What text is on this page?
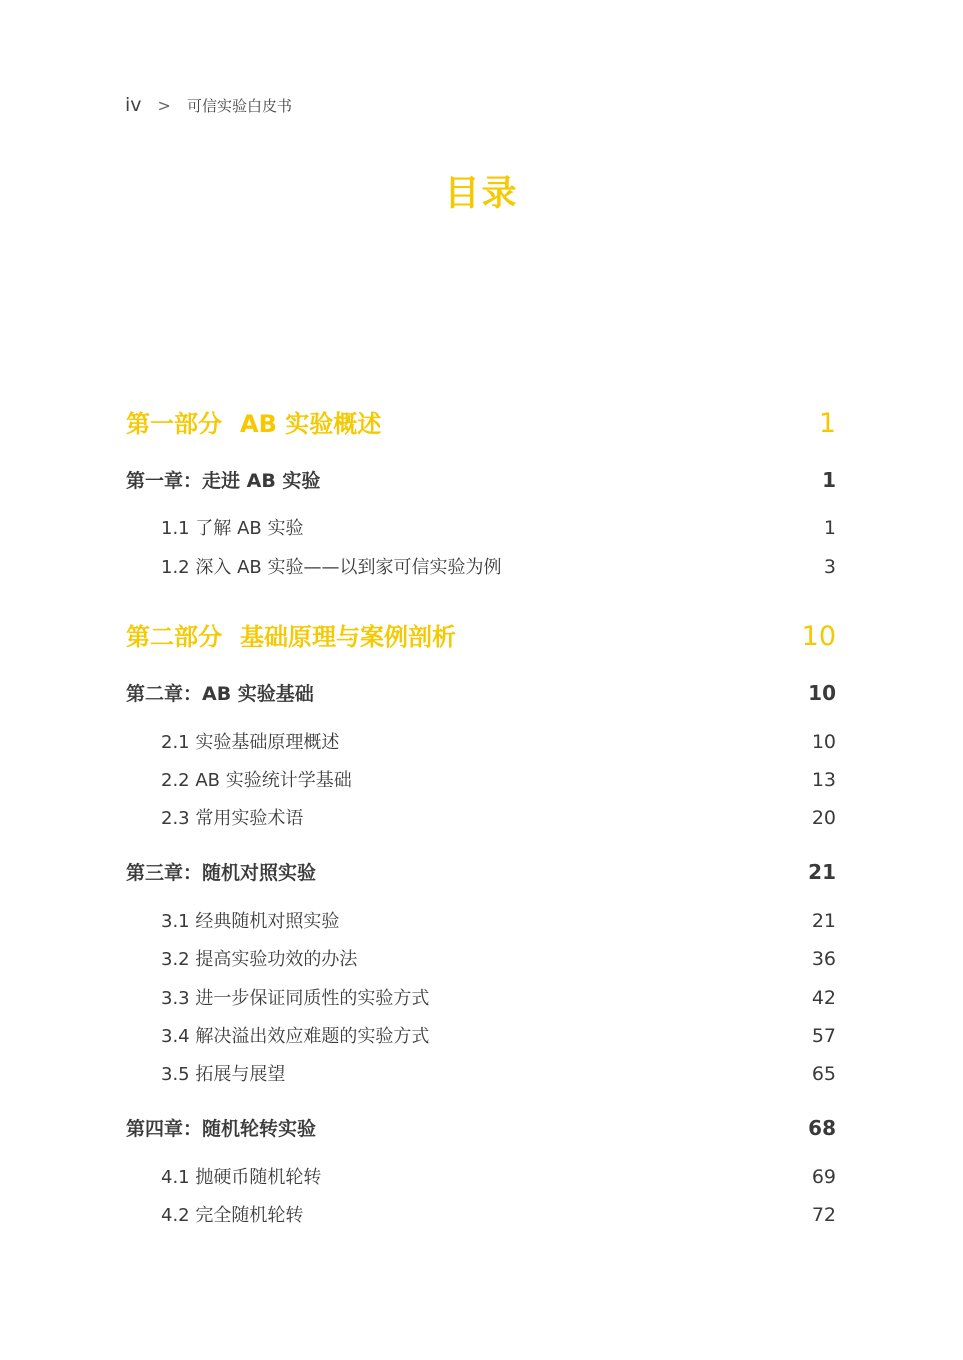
iv > 可信实验白皮书
目录
第一部分 AB 实验概述	1
第一章：走进 AB 实验	1
1.1 了解 AB 实验	1
1.2 深入 AB 实验——以到家可信实验为例	3
第二部分 基础原理与案例剖析	10
第二章：AB 实验基础	10
2.1 实验基础原理概述	10
2.2 AB 实验统计学基础	13
2.3 常用实验术语	20
第三章：随机对照实验	21
3.1 经典随机对照实验	21
3.2 提高实验功效的办法	36
3.3 进一步保证同质性的实验方式	42
3.4 解决溢出效应难题的实验方式	57
3.5 拓展与展望	65
第四章：随机轮转实验	68
4.1 抛硬币随机轮转	69
4.2 完全随机轮转	72
